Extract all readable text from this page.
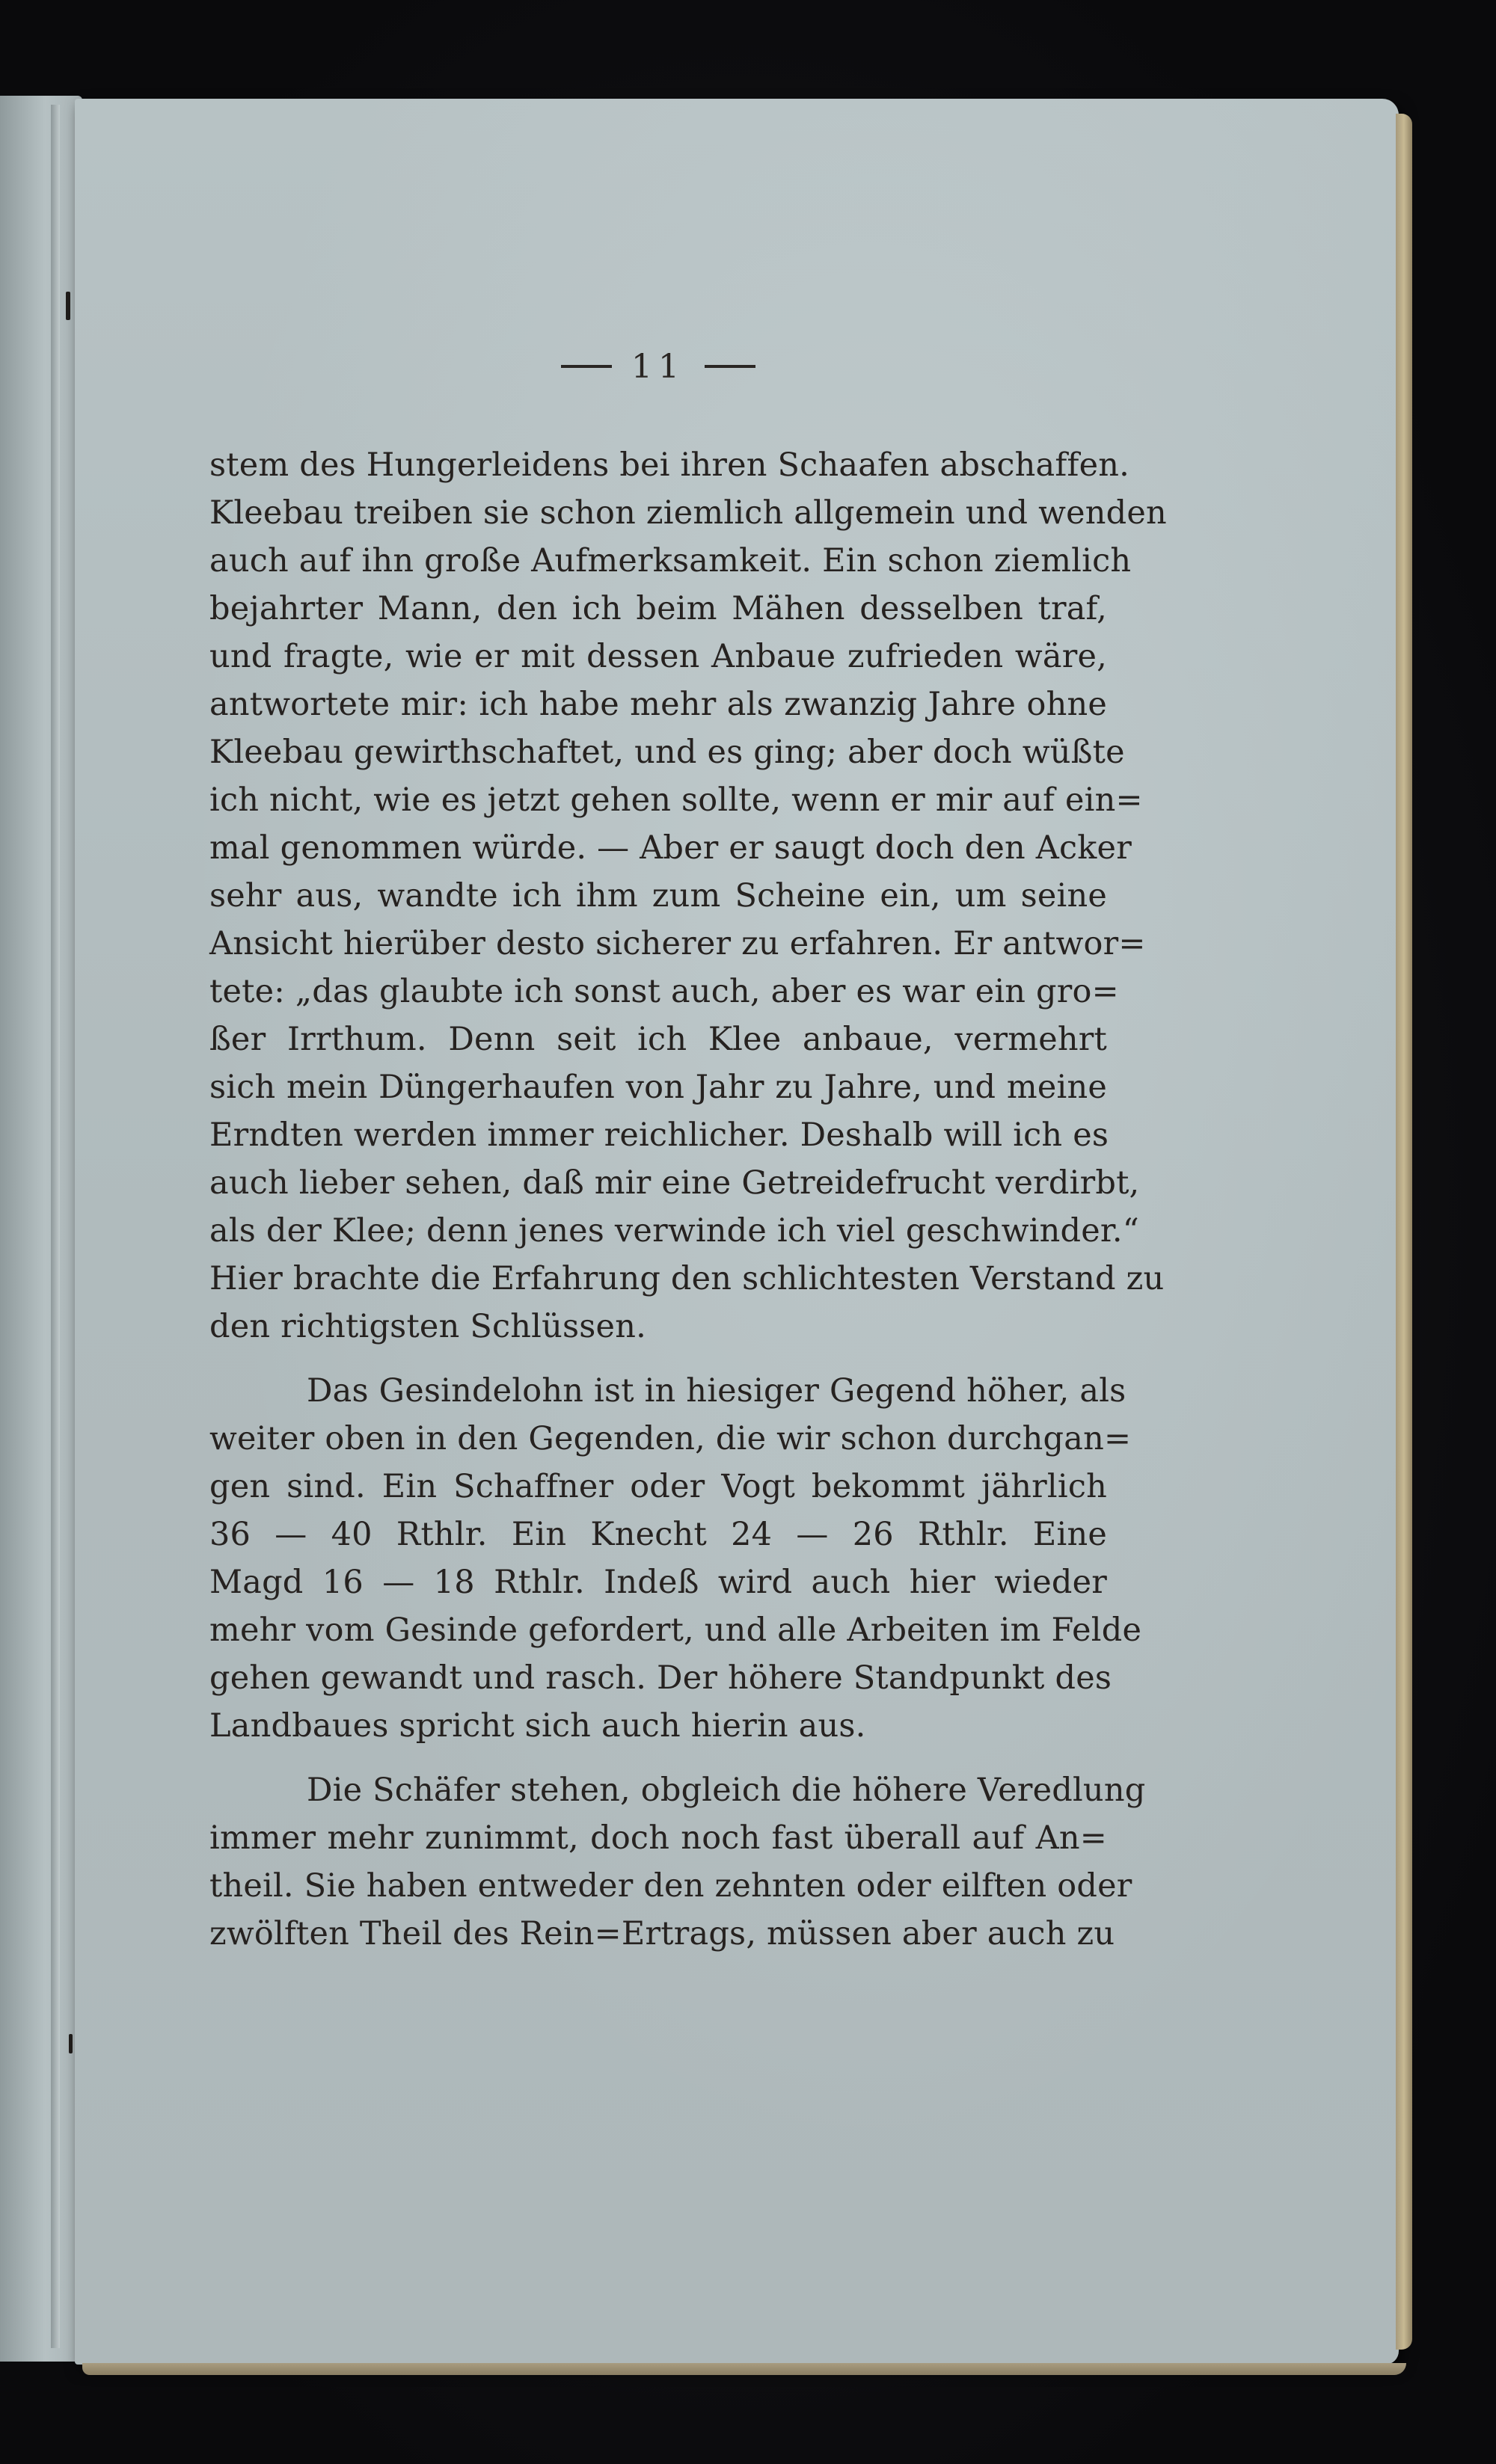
11
stem des Hungerleidens bei ihren Schaafen abschaffen.
Kleebau treiben sie schon ziemlich allgemein und wenden
auch auf ihn große Aufmerksamkeit. Ein schon ziemlich
bejahrter Mann, den ich beim Mähen desselben traf,
und fragte, wie er mit dessen Anbaue zufrieden wäre,
antwortete mir: ich habe mehr als zwanzig Jahre ohne
Kleebau gewirthschaftet, und es ging; aber doch wüßte
ich nicht, wie es jetzt gehen sollte, wenn er mir auf ein=
mal genommen würde. — Aber er saugt doch den Acker
sehr aus, wandte ich ihm zum Scheine ein, um seine
Ansicht hierüber desto sicherer zu erfahren. Er antwor=
tete: „das glaubte ich sonst auch, aber es war ein gro=
ßer Irrthum. Denn seit ich Klee anbaue, vermehrt
sich mein Düngerhaufen von Jahr zu Jahre, und meine
Erndten werden immer reichlicher. Deshalb will ich es
auch lieber sehen, daß mir eine Getreidefrucht verdirbt,
als der Klee; denn jenes verwinde ich viel geschwinder.“
Hier brachte die Erfahrung den schlichtesten Verstand zu
den richtigsten Schlüssen.
Das Gesindelohn ist in hiesiger Gegend höher, als
weiter oben in den Gegenden, die wir schon durchgan=
gen sind. Ein Schaffner oder Vogt bekommt jährlich
36 — 40 Rthlr. Ein Knecht 24 — 26 Rthlr. Eine
Magd 16 — 18 Rthlr. Indeß wird auch hier wieder
mehr vom Gesinde gefordert, und alle Arbeiten im Felde
gehen gewandt und rasch. Der höhere Standpunkt des
Landbaues spricht sich auch hierin aus.
Die Schäfer stehen, obgleich die höhere Veredlung
immer mehr zunimmt, doch noch fast überall auf An=
theil. Sie haben entweder den zehnten oder eilften oder
zwölften Theil des Rein=Ertrags, müssen aber auch zu
